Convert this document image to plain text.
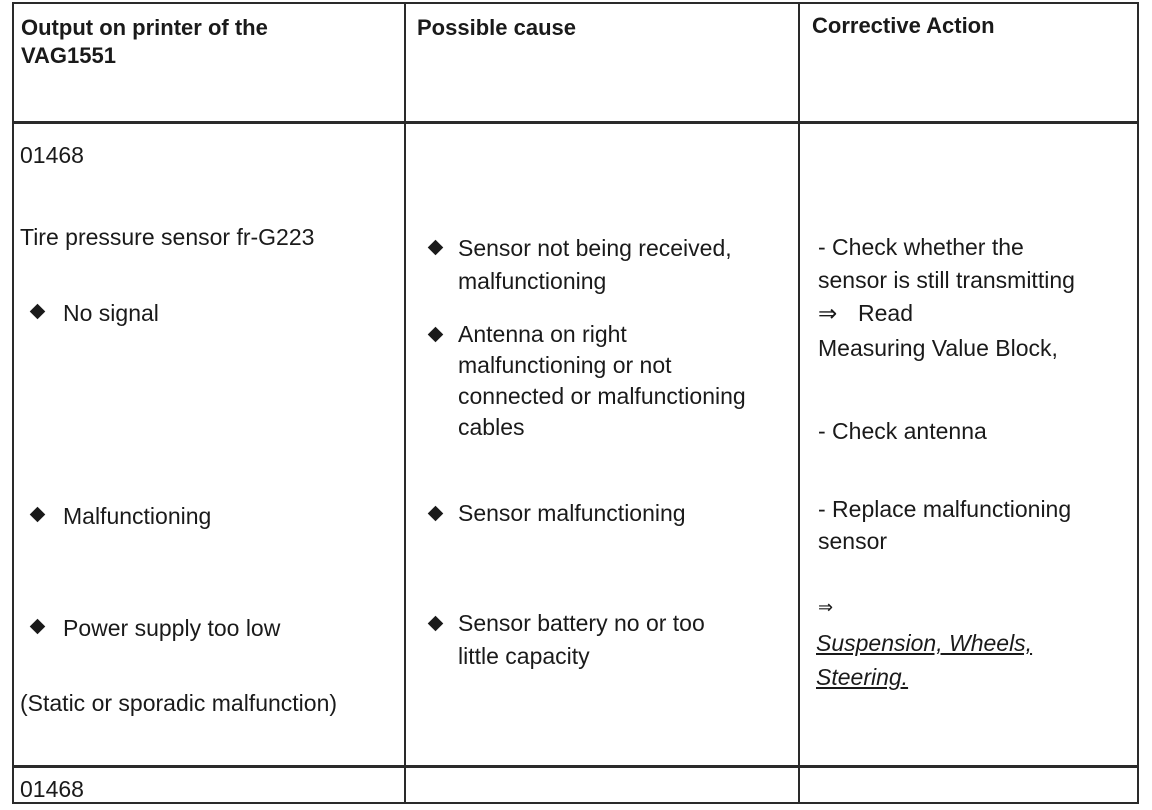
Output on printer of the
VAG1551
Possible cause	Corrective Action
01468
Tire pressure sensor fr-G223
No signal
Malfunctioning
Power supply too low
(Static or sporadic malfunction)
Sensor not being received,
malfunctioning
Antenna on right
malfunctioning or not
connected or malfunctioning
cables
Sensor malfunctioning
Sensor battery no or too
little capacity
- Check whether the
sensor is still transmitting
⇒ Read
Measuring Value Block,
- Check antenna
- Replace malfunctioning
sensor
⇒
Suspension, Wheels,
Steering.
01468
